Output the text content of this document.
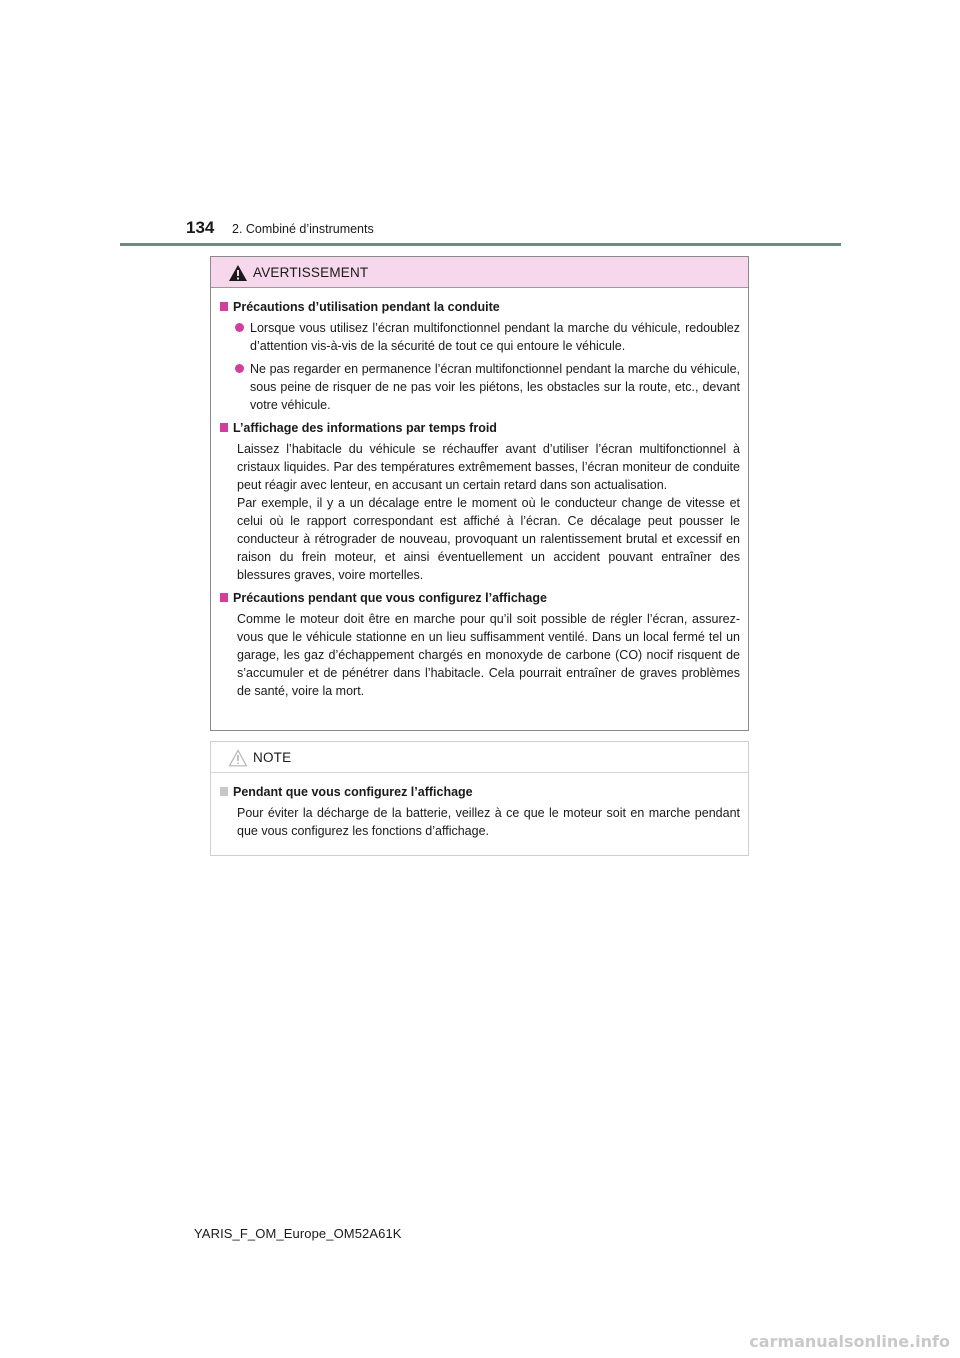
134 2. Combiné d’instruments
AVERTISSEMENT
Précautions d’utilisation pendant la conduite
Lorsque vous utilisez l’écran multifonctionnel pendant la marche du véhicule, redoublez d’attention vis-à-vis de la sécurité de tout ce qui entoure le véhicule.
Ne pas regarder en permanence l’écran multifonctionnel pendant la marche du véhicule, sous peine de risquer de ne pas voir les piétons, les obstacles sur la route, etc., devant votre véhicule.
L’affichage des informations par temps froid
Laissez l’habitacle du véhicule se réchauffer avant d’utiliser l’écran multifonctionnel à cristaux liquides. Par des températures extrêmement basses, l’écran moniteur de conduite peut réagir avec lenteur, en accusant un certain retard dans son actualisation.
Par exemple, il y a un décalage entre le moment où le conducteur change de vitesse et celui où le rapport correspondant est affiché à l’écran. Ce décalage peut pousser le conducteur à rétrograder de nouveau, provoquant un ralentissement brutal et excessif en raison du frein moteur, et ainsi éventuellement un accident pouvant entraîner des blessures graves, voire mortelles.
Précautions pendant que vous configurez l’affichage
Comme le moteur doit être en marche pour qu’il soit possible de régler l’écran, assurez-vous que le véhicule stationne en un lieu suffisamment ventilé. Dans un local fermé tel un garage, les gaz d’échappement chargés en monoxyde de carbone (CO) nocif risquent de s’accumuler et de pénétrer dans l’habitacle. Cela pourrait entraîner de graves problèmes de santé, voire la mort.
NOTE
Pendant que vous configurez l’affichage
Pour éviter la décharge de la batterie, veillez à ce que le moteur soit en marche pendant que vous configurez les fonctions d’affichage.
YARIS_F_OM_Europe_OM52A61K
carmanualsonline.info
